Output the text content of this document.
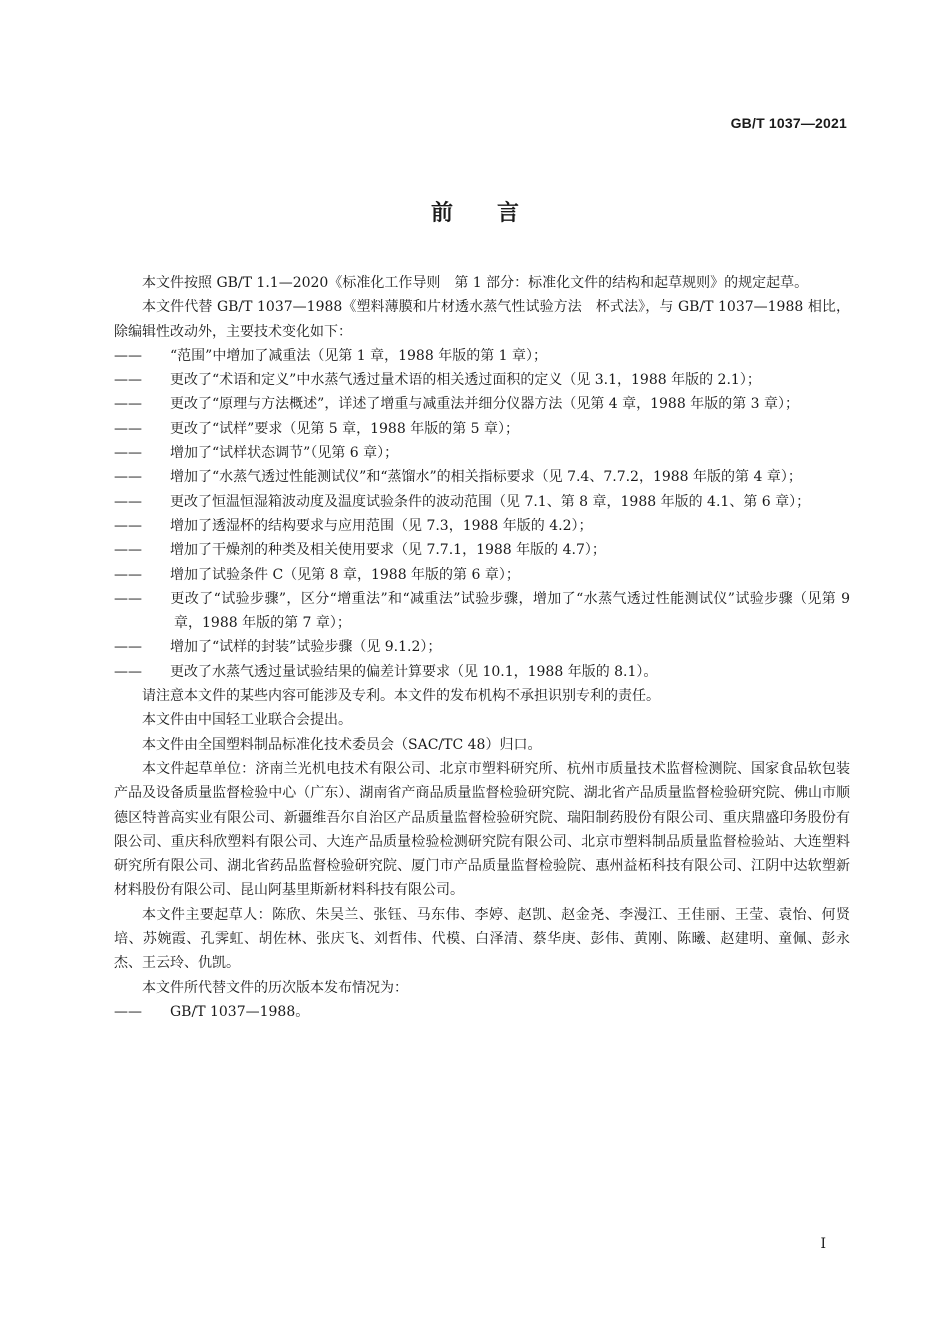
GB/T 1037—2021
前言

本文件按照 GB/T 1.1—2020《标准化工作导则　第 1 部分：标准化文件的结构和起草规则》的规定起草。

本文件代替 GB/T 1037—1988《塑料薄膜和片材透水蒸气性试验方法　杯式法》，与 GB/T 1037—1988 相比，除编辑性改动外，主要技术变化如下：

—— “范围”中增加了减重法（见第 1 章，1988 年版的第 1 章）；

—— 更改了“术语和定义”中水蒸气透过量术语的相关透过面积的定义（见 3.1，1988 年版的 2.1）；

—— 更改了“原理与方法概述”，详述了增重与减重法并细分仪器方法（见第 4 章，1988 年版的第 3 章）；

—— 更改了“试样”要求（见第 5 章，1988 年版的第 5 章）；

—— 增加了“试样状态调节”（见第 6 章）；

—— 增加了“水蒸气透过性能测试仪”和“蒸馏水”的相关指标要求（见 7.4、7.7.2，1988 年版的第 4 章）；

—— 更改了恒温恒湿箱波动度及温度试验条件的波动范围（见 7.1、第 8 章，1988 年版的 4.1、第 6 章）；

—— 增加了透湿杯的结构要求与应用范围（见 7.3，1988 年版的 4.2）；

—— 增加了干燥剂的种类及相关使用要求（见 7.7.1，1988 年版的 4.7）；

—— 增加了试验条件 C（见第 8 章，1988 年版的第 6 章）；

—— 更改了“试验步骤”，区分“增重法”和“减重法”试验步骤，增加了“水蒸气透过性能测试仪”试验步骤（见第 9 章，1988 年版的第 7 章）；

—— 增加了“试样的封装”试验步骤（见 9.1.2）；

—— 更改了水蒸气透过量试验结果的偏差计算要求（见 10.1，1988 年版的 8.1）。

请注意本文件的某些内容可能涉及专利。本文件的发布机构不承担识别专利的责任。

本文件由中国轻工业联合会提出。

本文件由全国塑料制品标准化技术委员会（SAC/TC 48）归口。

本文件起草单位：济南兰光机电技术有限公司、北京市塑料研究所、杭州市质量技术监督检测院、国家食品软包装产品及设备质量监督检验中心（广东）、湖南省产商品质量监督检验研究院、湖北省产品质量监督检验研究院、佛山市顺德区特普高实业有限公司、新疆维吾尔自治区产品质量监督检验研究院、瑞阳制药股份有限公司、重庆鼎盛印务股份有限公司、重庆科欣塑料有限公司、大连产品质量检验检测研究院有限公司、北京市塑料制品质量监督检验站、大连塑料研究所有限公司、湖北省药品监督检验研究院、厦门市产品质量监督检验院、惠州益柘科技有限公司、江阴中达软塑新材料股份有限公司、昆山阿基里斯新材料科技有限公司。

本文件主要起草人：陈欣、朱吴兰、张钰、马东伟、李婷、赵凯、赵金尧、李漫江、王佳丽、王莹、袁怡、何贤培、苏婉霞、孔霁虹、胡佐林、张庆飞、刘哲伟、代模、白泽清、蔡华庚、彭伟、黄刚、陈曦、赵建明、童佩、彭永杰、王云玲、仇凯。

本文件所代替文件的历次版本发布情况为：

—— GB/T 1037—1988。

I
